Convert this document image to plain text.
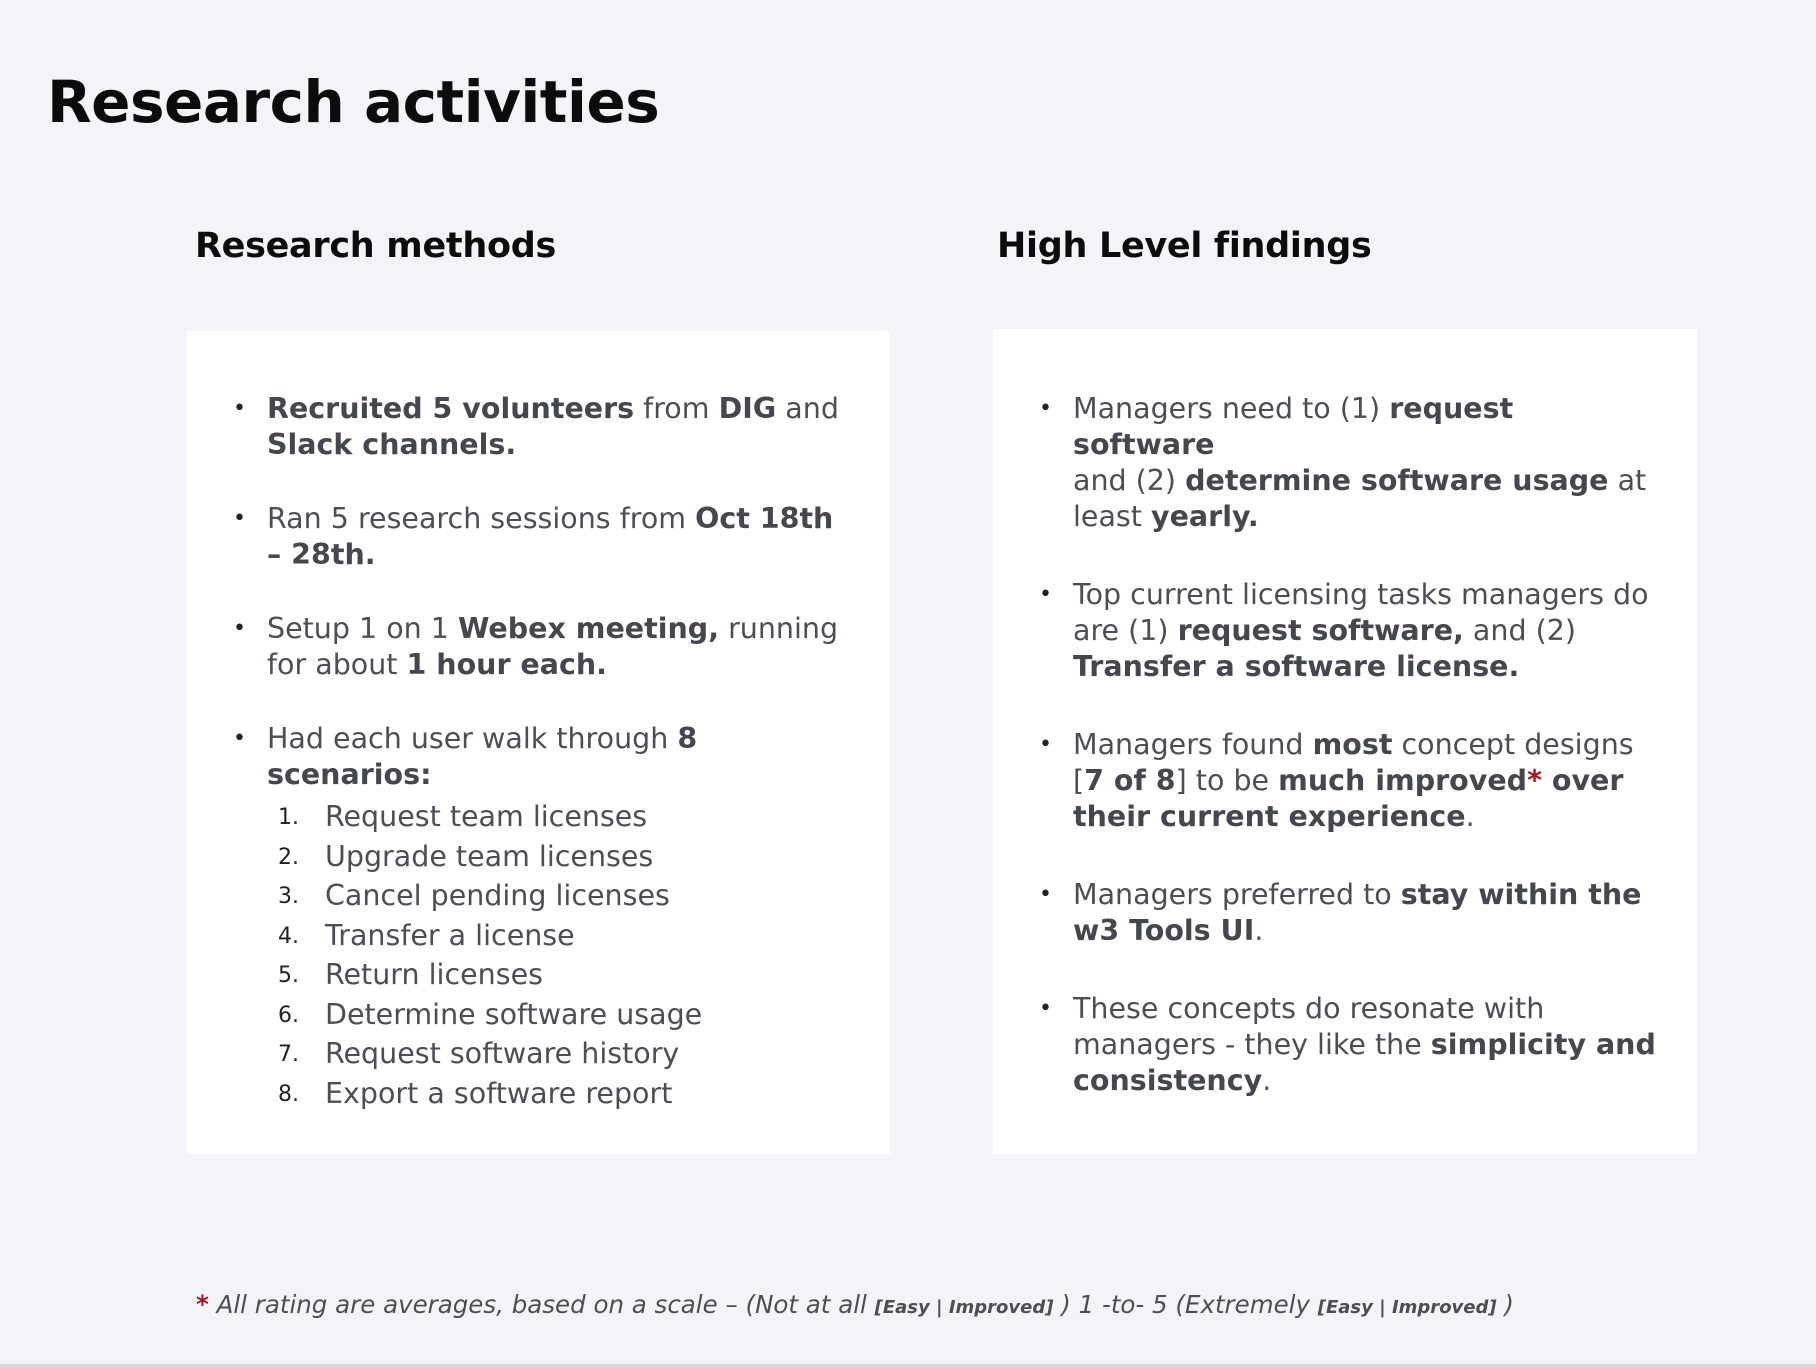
Research activities
Research methods	High Level findings
• Recruited 5 volunteers from DIG and
Slack channels.
• Ran 5 research sessions from Oct 18th – 28th.
• Setup 1 on 1 Webex meeting, running for about 1 hour each.
• Had each user walk through 8 scenarios:
1. Request team licenses
2. Upgrade team licenses
3. Cancel pending licenses
4. Transfer a license
5. Return licenses
6. Determine software usage
7. Request software history
8. Export a software report
• Managers need to (1) request software
and (2) determine software usage at least yearly.
• Top current licensing tasks managers do are (1) request software, and (2)
Transfer a software license.
• Managers found most concept designs [7 of 8] to be much improved* over their current experience.
• Managers preferred to stay within the w3 Tools UI.
• These concepts do resonate with managers - they like the simplicity and consistency.
* All rating are averages, based on a scale – (Not at all [Easy | Improved] ) 1 -to- 5 (Extremely [Easy | Improved] )
